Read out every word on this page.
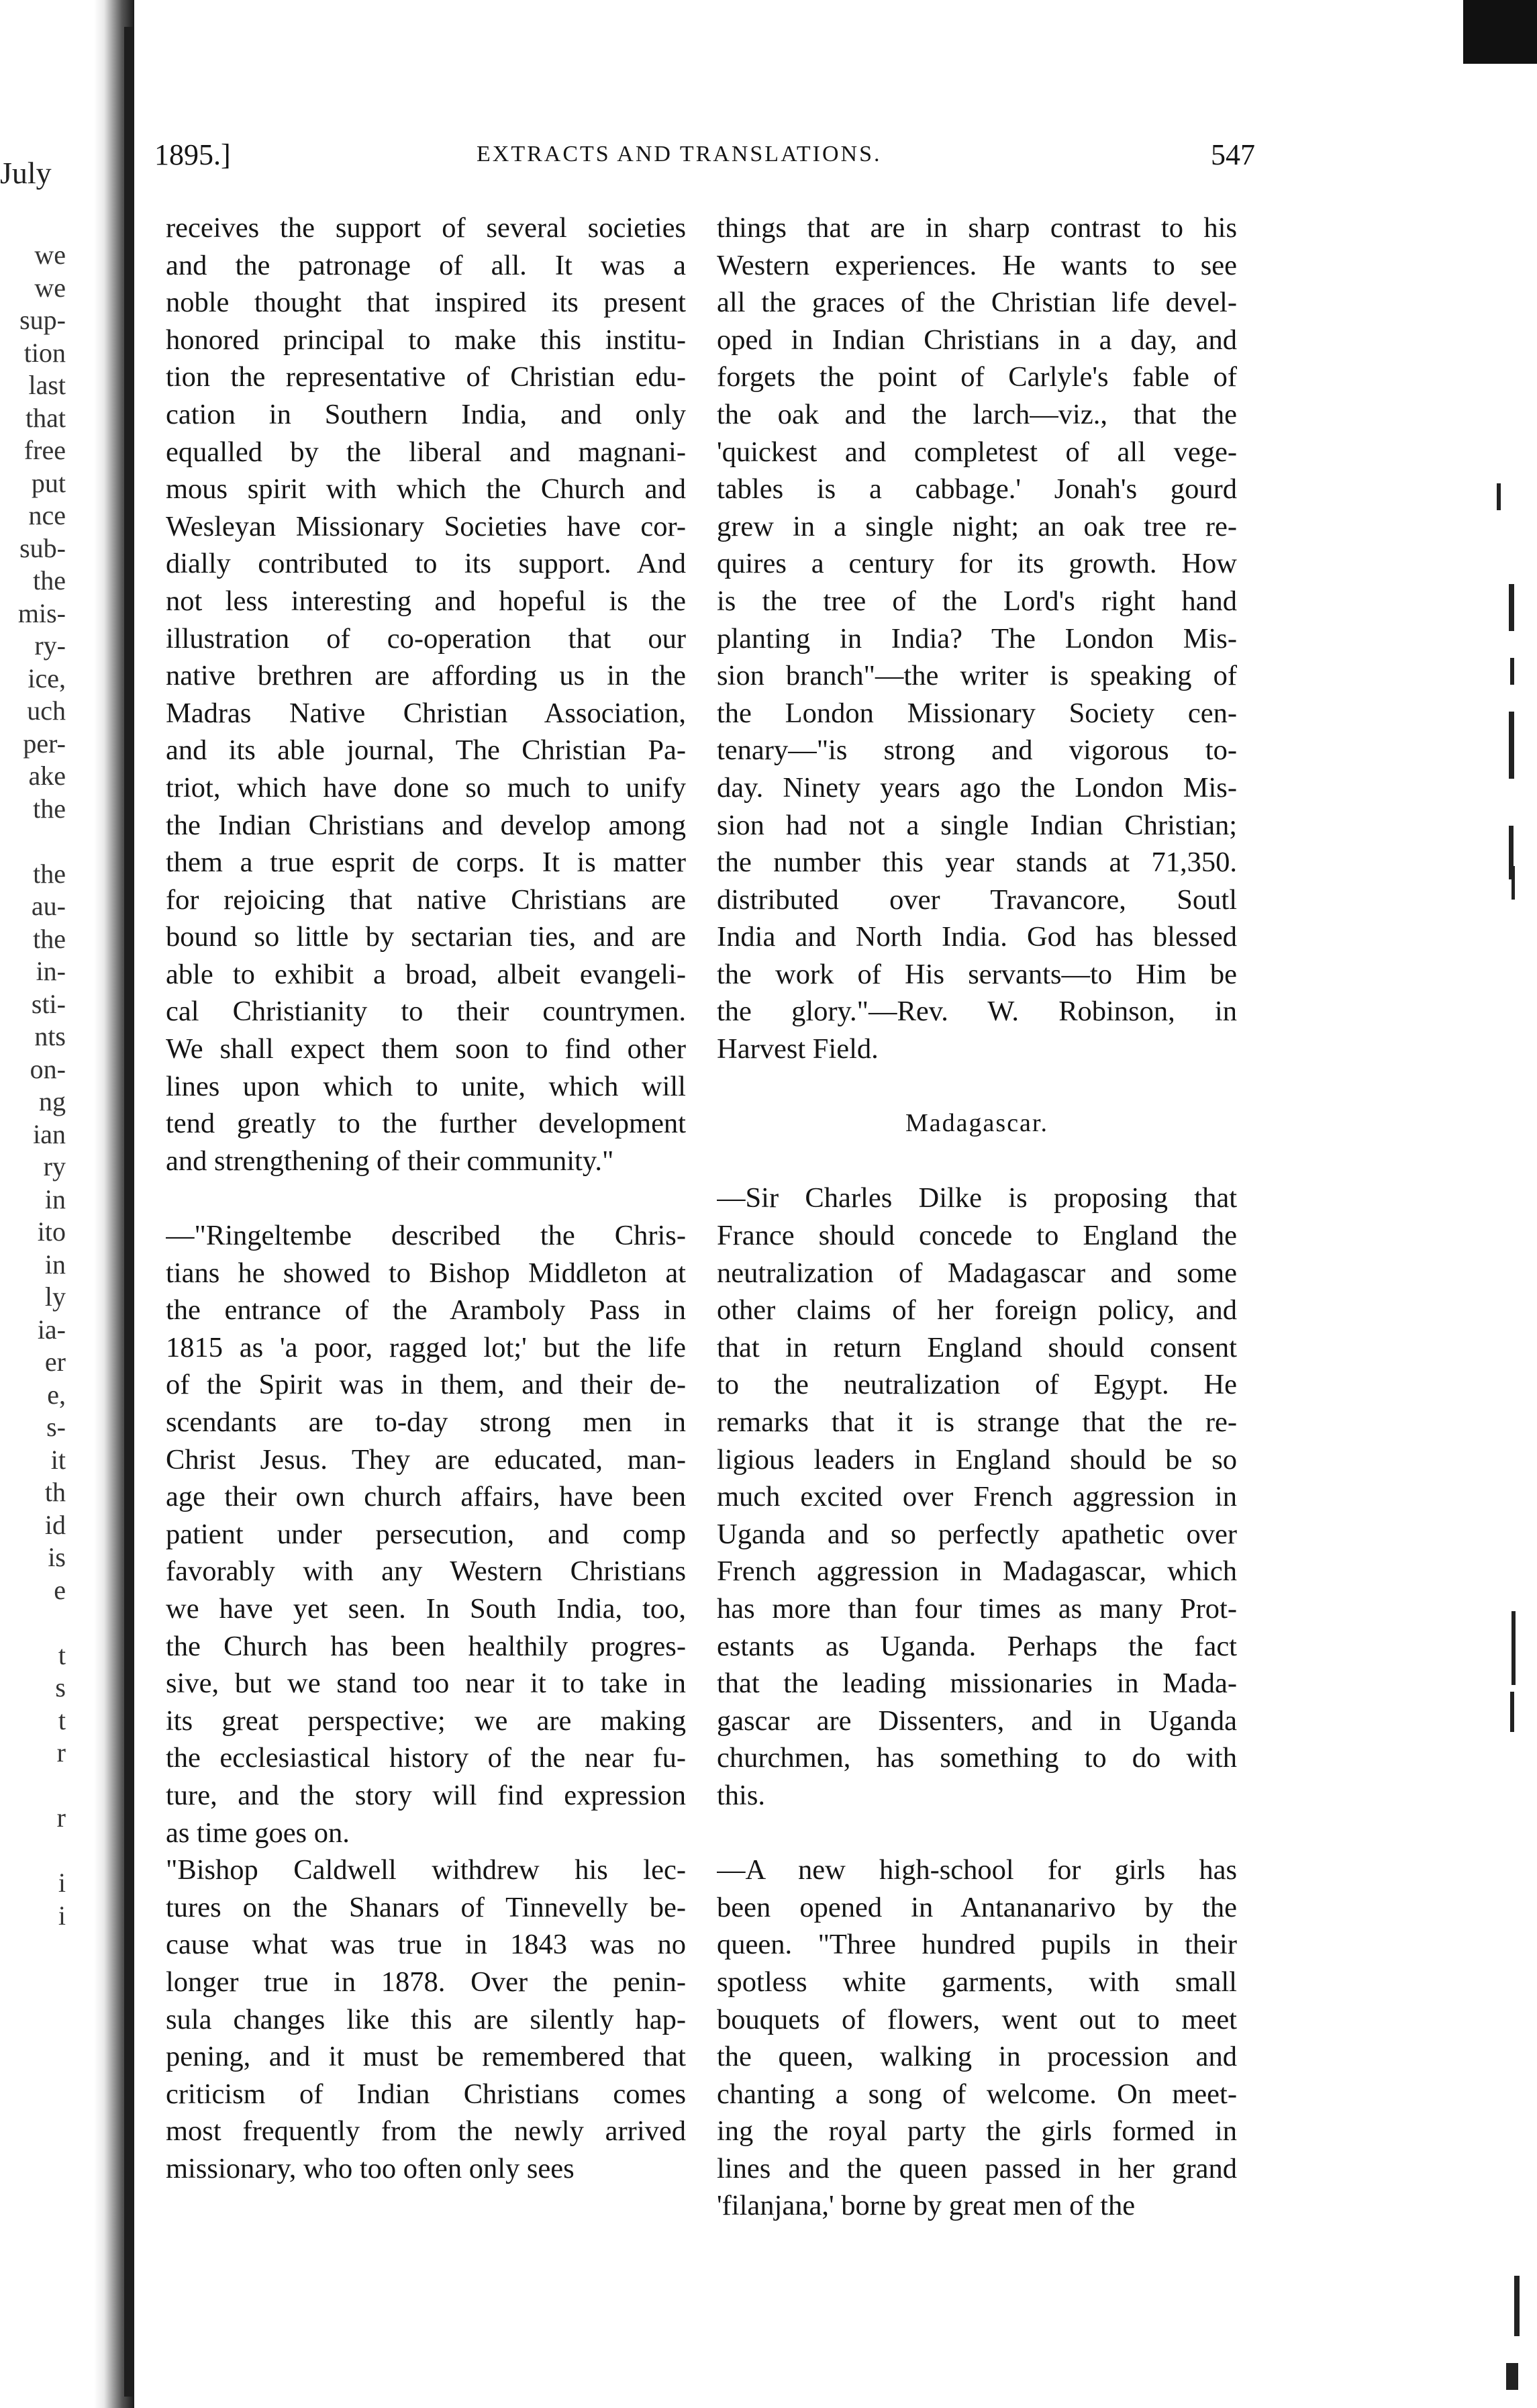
July
we
we
sup-
tion
last
that
free
put
nce
sub-
the
mis-
ry-
ice,
uch
per-
ake
the
the
au-
the
in-
sti-
nts
on-
ng
ian
ry
in
ito
in
ly
ia-
er
e,
s-
it
th
id
is
e
t
s
t
r
r
i
i
1895.]	EXTRACTS AND TRANSLATIONS.	547
receives the support of several societies
and the patronage of all. It was a
noble thought that inspired its present
honored principal to make this institu-
tion the representative of Christian edu-
cation in Southern India, and only
equalled by the liberal and magnani-
mous spirit with which the Church and
Wesleyan Missionary Societies have cor-
dially contributed to its support. And
not less interesting and hopeful is the
illustration of co-operation that our
native brethren are affording us in the
Madras Native Christian Association,
and its able journal, The Christian Pa-
triot, which have done so much to unify
the Indian Christians and develop among
them a true esprit de corps. It is matter
for rejoicing that native Christians are
bound so little by sectarian ties, and are
able to exhibit a broad, albeit evangeli-
cal Christianity to their countrymen.
We shall expect them soon to find other
lines upon which to unite, which will
tend greatly to the further development
and strengthening of their community."
—"Ringeltembe described the Chris-
tians he showed to Bishop Middleton at
the entrance of the Aramboly Pass in
1815 as 'a poor, ragged lot;' but the life
of the Spirit was in them, and their de-
scendants are to-day strong men in
Christ Jesus. They are educated, man-
age their own church affairs, have been
patient under persecution, and comp
favorably with any Western Christians
we have yet seen. In South India, too,
the Church has been healthily progres-
sive, but we stand too near it to take in
its great perspective; we are making
the ecclesiastical history of the near fu-
ture, and the story will find expression
as time goes on.
"Bishop Caldwell withdrew his lec-
tures on the Shanars of Tinnevelly be-
cause what was true in 1843 was no
longer true in 1878. Over the penin-
sula changes like this are silently hap-
pening, and it must be remembered that
criticism of Indian Christians comes
most frequently from the newly arrived
missionary, who too often only sees
things that are in sharp contrast to his
Western experiences. He wants to see
all the graces of the Christian life devel-
oped in Indian Christians in a day, and
forgets the point of Carlyle's fable of
the oak and the larch—viz., that the
'quickest and completest of all vege-
tables is a cabbage.' Jonah's gourd
grew in a single night; an oak tree re-
quires a century for its growth. How
is the tree of the Lord's right hand
planting in India? The London Mis-
sion branch"—the writer is speaking of
the London Missionary Society cen-
tenary—"is strong and vigorous to-
day. Ninety years ago the London Mis-
sion had not a single Indian Christian;
the number this year stands at 71,350.
distributed over Travancore, Soutl
India and North India. God has blessed
the work of His servants—to Him be
the glory."—Rev. W. Robinson, in
Harvest Field.
Madagascar.
—Sir Charles Dilke is proposing that
France should concede to England the
neutralization of Madagascar and some
other claims of her foreign policy, and
that in return England should consent
to the neutralization of Egypt. He
remarks that it is strange that the re-
ligious leaders in England should be so
much excited over French aggression in
Uganda and so perfectly apathetic over
French aggression in Madagascar, which
has more than four times as many Prot-
estants as Uganda. Perhaps the fact
that the leading missionaries in Mada-
gascar are Dissenters, and in Uganda
churchmen, has something to do with
this.
—A new high-school for girls has
been opened in Antananarivo by the
queen. "Three hundred pupils in their
spotless white garments, with small
bouquets of flowers, went out to meet
the queen, walking in procession and
chanting a song of welcome. On meet-
ing the royal party the girls formed in
lines and the queen passed in her grand
'filanjana,' borne by great men of the
